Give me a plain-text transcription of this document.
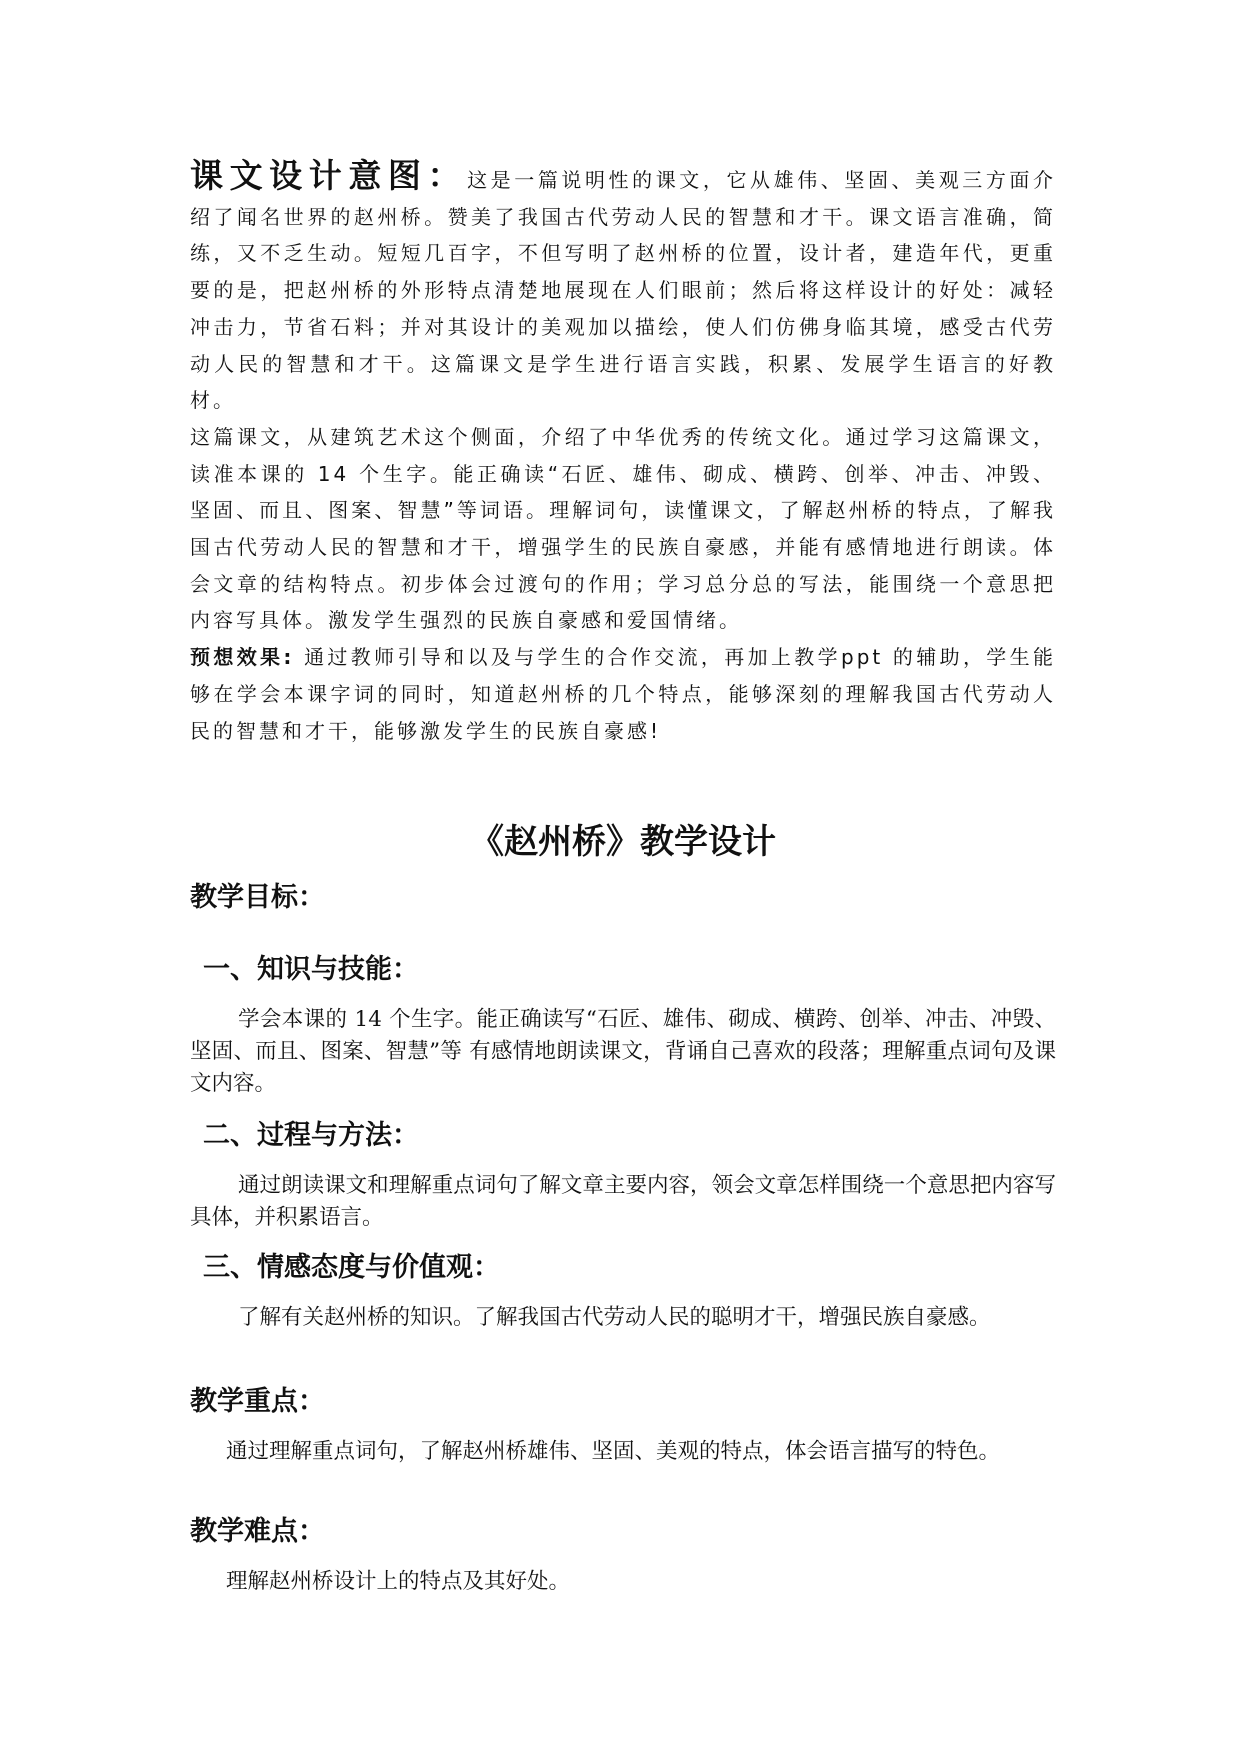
课文设计意图：这是一篇说明性的课文，它从雄伟、坚固、美观三方面介绍了闻名世界的赵州桥。赞美了我国古代劳动人民的智慧和才干。课文语言准确，简练，又不乏生动。短短几百字，不但写明了赵州桥的位置，设计者，建造年代，更重要的是，把赵州桥的外形特点清楚地展现在人们眼前；然后将这样设计的好处：减轻冲击力，节省石料；并对其设计的美观加以描绘，使人们仿佛身临其境，感受古代劳动人民的智慧和才干。这篇课文是学生进行语言实践，积累、发展学生语言的好教材。

这篇课文，从建筑艺术这个侧面，介绍了中华优秀的传统文化。通过学习这篇课文，读准本课的 14 个生字。能正确读“石匠、雄伟、砌成、横跨、创举、冲击、冲毁、坚固、而且、图案、智慧”等词语。理解词句，读懂课文，了解赵州桥的特点，了解我国古代劳动人民的智慧和才干，增强学生的民族自豪感，并能有感情地进行朗读。体会文章的结构特点。初步体会过渡句的作用；学习总分总的写法，能围绕一个意思把内容写具体。激发学生强烈的民族自豪感和爱国情绪。

预想效果: 通过教师引导和以及与学生的合作交流，再加上教学ppt 的辅助，学生能够在学会本课字词的同时，知道赵州桥的几个特点，能够深刻的理解我国古代劳动人民的智慧和才干，能够激发学生的民族自豪感!

《赵州桥》教学设计
教学目标：
一、知识与技能：

学会本课的 14 个生字。能正确读写“石匠、雄伟、砌成、横跨、创举、冲击、冲毁、坚固、而且、图案、智慧”等 有感情地朗读课文，背诵自己喜欢的段落；理解重点词句及课文内容。

二、过程与方法：

通过朗读课文和理解重点词句了解文章主要内容，领会文章怎样围绕一个意思把内容写具体，并积累语言。

三、情感态度与价值观：

了解有关赵州桥的知识。了解我国古代劳动人民的聪明才干，增强民族自豪感。

教学重点：

通过理解重点词句，了解赵州桥雄伟、坚固、美观的特点，体会语言描写的特色。

教学难点：

理解赵州桥设计上的特点及其好处。
